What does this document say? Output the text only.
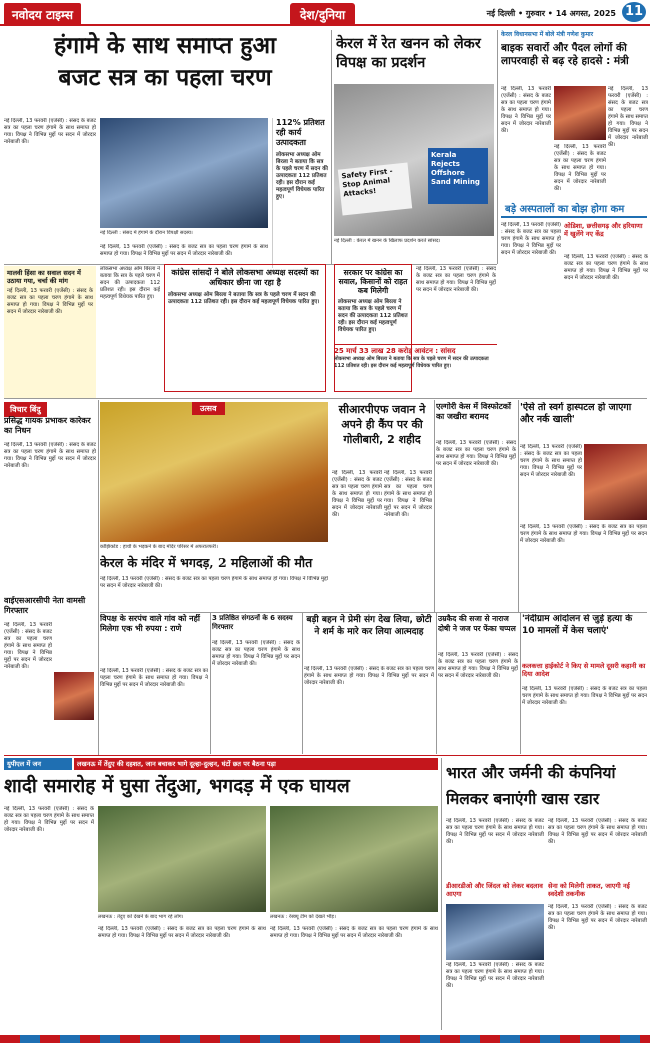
नवोदय टाइम्स	देश/दुनिया	नई दिल्ली • गुरुवार • 14 अगस्त, 2025 11
हंगामे के साथ समाप्त हुआ
बजट सत्र का पहला चरण
नई दिल्ली, 13 फरवरी (एजेंसी) : संसद के बजट सत्र का पहला चरण हंगामे के साथ समाप्त हो गया। विपक्ष ने विभिन्न मुद्दों पर सदन में जोरदार नारेबाजी की।
नई दिल्ली : संसद में हंगामे के दौरान विपक्षी सदस्य।
नई दिल्ली, 13 फरवरी (एजेंसी) : संसद के बजट सत्र का पहला चरण हंगामे के साथ समाप्त हो गया। विपक्ष ने विभिन्न मुद्दों पर सदन में जोरदार नारेबाजी की।
112% प्रतिशत रही कार्य उत्पादकता
लोकसभा अध्यक्ष ओम बिरला ने बताया कि सत्र के पहले चरण में सदन की उत्पादकता 112 प्रतिशत रही। इस दौरान कई महत्वपूर्ण विधेयक पारित हुए।
केरल में रेत खनन को लेकर विपक्ष का प्रदर्शन
Safety First - Stop Animal Attacks!
Kerala Rejects Offshore Sand Mining
नई दिल्ली : केरल में खनन के खिलाफ प्रदर्शन करते सांसद।
केरल विधानसभा में बोले मंत्री गणेश कुमार
बाइक सवारों और पैदल लोगों की लापरवाही से बढ़ रहे हादसे : मंत्री
नई दिल्ली, 13 फरवरी (एजेंसी) : संसद के बजट सत्र का पहला चरण हंगामे के साथ समाप्त हो गया। विपक्ष ने विभिन्न मुद्दों पर सदन में जोरदार नारेबाजी की।
नई दिल्ली, 13 फरवरी (एजेंसी) : संसद के बजट सत्र का पहला चरण हंगामे के साथ समाप्त हो गया। विपक्ष ने विभिन्न मुद्दों पर सदन में जोरदार नारेबाजी की।
नई दिल्ली, 13 फरवरी (एजेंसी) : संसद के बजट सत्र का पहला चरण हंगामे के साथ समाप्त हो गया। विपक्ष ने विभिन्न मुद्दों पर सदन में जोरदार नारेबाजी की।
बड़े अस्पतालों का बोझ होगा कम
नई दिल्ली, 13 फरवरी (एजेंसी) : संसद के बजट सत्र का पहला चरण हंगामे के साथ समाप्त हो गया। विपक्ष ने विभिन्न मुद्दों पर सदन में जोरदार नारेबाजी की।
ओडिशा, छत्तीसगढ़ और हरियाणा में खुलेंगे नए केंद्र
नई दिल्ली, 13 फरवरी (एजेंसी) : संसद के बजट सत्र का पहला चरण हंगामे के साथ समाप्त हो गया। विपक्ष ने विभिन्न मुद्दों पर सदन में जोरदार नारेबाजी की।
मालवी हिंसा का सवाल सदन में उठाया गया, चर्चा की मांग
नई दिल्ली, 13 फरवरी (एजेंसी) : संसद के बजट सत्र का पहला चरण हंगामे के साथ समाप्त हो गया। विपक्ष ने विभिन्न मुद्दों पर सदन में जोरदार नारेबाजी की।
लोकसभा अध्यक्ष ओम बिरला ने बताया कि सत्र के पहले चरण में सदन की उत्पादकता 112 प्रतिशत रही। इस दौरान कई महत्वपूर्ण विधेयक पारित हुए।
कांग्रेस सांसदों ने बोले लोकसभा अध्यक्ष सदस्यों का अधिकार छीना जा रहा है
लोकसभा अध्यक्ष ओम बिरला ने बताया कि सत्र के पहले चरण में सदन की उत्पादकता 112 प्रतिशत रही। इस दौरान कई महत्वपूर्ण विधेयक पारित हुए।
सरकार पर कांग्रेस का सवाल, किसानों को राहत कब मिलेगी
लोकसभा अध्यक्ष ओम बिरला ने बताया कि सत्र के पहले चरण में सदन की उत्पादकता 112 प्रतिशत रही। इस दौरान कई महत्वपूर्ण विधेयक पारित हुए।
नई दिल्ली, 13 फरवरी (एजेंसी) : संसद के बजट सत्र का पहला चरण हंगामे के साथ समाप्त हो गया। विपक्ष ने विभिन्न मुद्दों पर सदन में जोरदार नारेबाजी की।
25 मार्च 33 लाख 28 करोड़ आवंटन : सांसद
लोकसभा अध्यक्ष ओम बिरला ने बताया कि सत्र के पहले चरण में सदन की उत्पादकता 112 प्रतिशत रही। इस दौरान कई महत्वपूर्ण विधेयक पारित हुए।
विचार बिंदु
प्रसिद्ध गायक प्रभाकर कारेकर का निधन
नई दिल्ली, 13 फरवरी (एजेंसी) : संसद के बजट सत्र का पहला चरण हंगामे के साथ समाप्त हो गया। विपक्ष ने विभिन्न मुद्दों पर सदन में जोरदार नारेबाजी की।
वाईएसआरसीपी नेता वामसी गिरफ्तार
नई दिल्ली, 13 फरवरी (एजेंसी) : संसद के बजट सत्र का पहला चरण हंगामे के साथ समाप्त हो गया। विपक्ष ने विभिन्न मुद्दों पर सदन में जोरदार नारेबाजी की।
उत्सव
कोझिकोड : हाथी के भड़कने के बाद मंदिर परिसर में अफरातफरी।
केरल के मंदिर में भगदड़, 2 महिलाओं की मौत
नई दिल्ली, 13 फरवरी (एजेंसी) : संसद के बजट सत्र का पहला चरण हंगामे के साथ समाप्त हो गया। विपक्ष ने विभिन्न मुद्दों पर सदन में जोरदार नारेबाजी की।
सीआरपीएफ जवान ने अपने ही कैंप पर की गोलीबारी, 2 शहीद
नई दिल्ली, 13 फरवरी (एजेंसी) : संसद के बजट सत्र का पहला चरण हंगामे के साथ समाप्त हो गया। विपक्ष ने विभिन्न मुद्दों पर सदन में जोरदार नारेबाजी की।
नई दिल्ली, 13 फरवरी (एजेंसी) : संसद के बजट सत्र का पहला चरण हंगामे के साथ समाप्त हो गया। विपक्ष ने विभिन्न मुद्दों पर सदन में जोरदार नारेबाजी की।
एल्गोरी केस में विस्फोटकों का जखीरा बरामद
नई दिल्ली, 13 फरवरी (एजेंसी) : संसद के बजट सत्र का पहला चरण हंगामे के साथ समाप्त हो गया। विपक्ष ने विभिन्न मुद्दों पर सदन में जोरदार नारेबाजी की।
'ऐसे तो स्वर्ग हास्पटल हो जाएगा और नर्क खाली'
नई दिल्ली, 13 फरवरी (एजेंसी) : संसद के बजट सत्र का पहला चरण हंगामे के साथ समाप्त हो गया। विपक्ष ने विभिन्न मुद्दों पर सदन में जोरदार नारेबाजी की।
नई दिल्ली, 13 फरवरी (एजेंसी) : संसद के बजट सत्र का पहला चरण हंगामे के साथ समाप्त हो गया। विपक्ष ने विभिन्न मुद्दों पर सदन में जोरदार नारेबाजी की।
विपक्ष के सरपंच वाले गांव को नहीं मिलेगा एक भी रुपया : राणे
नई दिल्ली, 13 फरवरी (एजेंसी) : संसद के बजट सत्र का पहला चरण हंगामे के साथ समाप्त हो गया। विपक्ष ने विभिन्न मुद्दों पर सदन में जोरदार नारेबाजी की।
3 प्रतिष्ठित संगठनों के 6 सदस्य गिरफ्तार
नई दिल्ली, 13 फरवरी (एजेंसी) : संसद के बजट सत्र का पहला चरण हंगामे के साथ समाप्त हो गया। विपक्ष ने विभिन्न मुद्दों पर सदन में जोरदार नारेबाजी की।
बड़ी बहन ने प्रेमी संग देख लिया, छोटी ने शर्म के मारे कर लिया आत्मदाह
नई दिल्ली, 13 फरवरी (एजेंसी) : संसद के बजट सत्र का पहला चरण हंगामे के साथ समाप्त हो गया। विपक्ष ने विभिन्न मुद्दों पर सदन में जोरदार नारेबाजी की।
उम्रकैद की सजा से नाराज दोषी ने जज पर फेंका चप्पल
नई दिल्ली, 13 फरवरी (एजेंसी) : संसद के बजट सत्र का पहला चरण हंगामे के साथ समाप्त हो गया। विपक्ष ने विभिन्न मुद्दों पर सदन में जोरदार नारेबाजी की।
'नंदीग्राम आंदोलन से जुड़े हत्या के 10 मामलों में केस चलाएं'
कलकत्ता हाईकोर्ट ने किए से मामले दूसरी कहानी का दिया आदेश
नई दिल्ली, 13 फरवरी (एजेंसी) : संसद के बजट सत्र का पहला चरण हंगामे के साथ समाप्त हो गया। विपक्ष ने विभिन्न मुद्दों पर सदन में जोरदार नारेबाजी की।
युपीएल में जन	लखनऊ में तेंदुए की दहशत, जान बचाकर भागे दूल्हा-दुल्हन, घंटों छत पर बैठना पड़ा
शादी समारोह में घुसा तेंदुआ, भगदड़ में एक घायल
नई दिल्ली, 13 फरवरी (एजेंसी) : संसद के बजट सत्र का पहला चरण हंगामे के साथ समाप्त हो गया। विपक्ष ने विभिन्न मुद्दों पर सदन में जोरदार नारेबाजी की।
लखनऊ : तेंदुए को देखने के बाद भाग रहे लोग।	लखनऊ : रेस्क्यू टीम को देखते भीड़।
नई दिल्ली, 13 फरवरी (एजेंसी) : संसद के बजट सत्र का पहला चरण हंगामे के साथ समाप्त हो गया। विपक्ष ने विभिन्न मुद्दों पर सदन में जोरदार नारेबाजी की।
नई दिल्ली, 13 फरवरी (एजेंसी) : संसद के बजट सत्र का पहला चरण हंगामे के साथ समाप्त हो गया। विपक्ष ने विभिन्न मुद्दों पर सदन में जोरदार नारेबाजी की।
भारत और जर्मनी की कंपनियां मिलकर बनाएंगी खास रडार
नई दिल्ली, 13 फरवरी (एजेंसी) : संसद के बजट सत्र का पहला चरण हंगामे के साथ समाप्त हो गया। विपक्ष ने विभिन्न मुद्दों पर सदन में जोरदार नारेबाजी की।
नई दिल्ली, 13 फरवरी (एजेंसी) : संसद के बजट सत्र का पहला चरण हंगामे के साथ समाप्त हो गया। विपक्ष ने विभिन्न मुद्दों पर सदन में जोरदार नारेबाजी की।
डीआरडीओ और जिंदल को लेकर बदलाव आएगा
नई दिल्ली, 13 फरवरी (एजेंसी) : संसद के बजट सत्र का पहला चरण हंगामे के साथ समाप्त हो गया। विपक्ष ने विभिन्न मुद्दों पर सदन में जोरदार नारेबाजी की।
सेना को मिलेगी ताकत, जाएगी नई स्वदेशी तकनीक
नई दिल्ली, 13 फरवरी (एजेंसी) : संसद के बजट सत्र का पहला चरण हंगामे के साथ समाप्त हो गया। विपक्ष ने विभिन्न मुद्दों पर सदन में जोरदार नारेबाजी की।
